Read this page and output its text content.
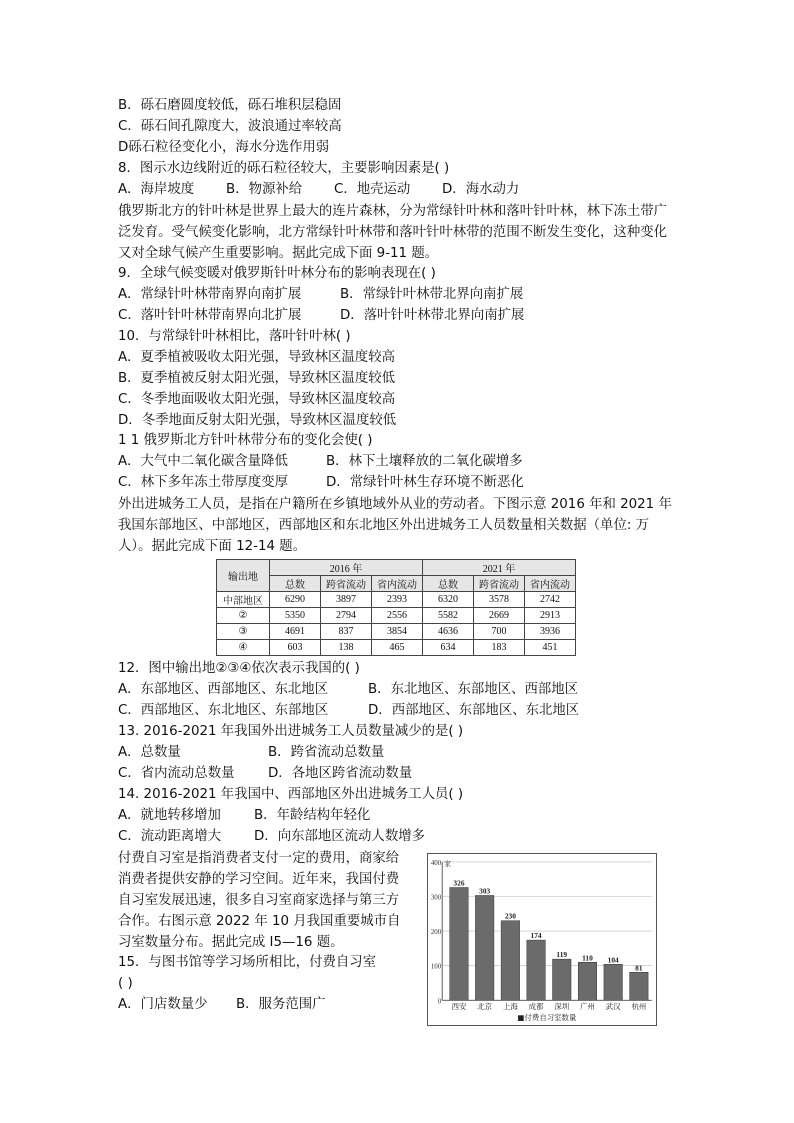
B．砾石磨圆度较低，砾石堆积层稳固
C．砾石间孔隙度大，波浪通过率较高
D砾石粒径变化小，海水分选作用弱
8．图示水边线附近的砾石粒径较大，主要影响因素是( )
A．海岸坡度 B．物源补给 C．地壳运动 D．海水动力
俄罗斯北方的针叶林是世界上最大的连片森林，分为常绿针叶林和落叶针叶林，林下冻土带广泛发育。受气候变化影响，北方常绿针叶林带和落叶针叶林带的范围不断发生变化，这种变化又对全球气候产生重要影响。据此完成下面 9-11 题。
9．全球气候变暖对俄罗斯针叶林分布的影响表现在( )
A．常绿针叶林带南界向南扩展	B．常绿针叶林带北界向南扩展
C．落叶针叶林带南界向北扩展	D．落叶针叶林带北界向南扩展
10．与常绿针叶林相比，落叶针叶林( )
A．夏季植被吸收太阳光强，导致林区温度较高
B．夏季植被反射太阳光强，导致林区温度较低
C．冬季地面吸收太阳光强，导致林区温度较高
D．冬季地面反射太阳光强，导致林区温度较低
1 1 俄罗斯北方针叶林带分布的变化会使( )
A．大气中二氧化碳含量降低	B．林下土壤释放的二氧化碳增多
C．林下多年冻土带厚度变厚	D．常绿针叶林生存环境不断恶化
外出进城务工人员，是指在户籍所在乡镇地域外从业的劳动者。下图示意 2016 年和 2021 年我国东部地区、中部地区，西部地区和东北地区外出进城务工人员数量相关数据（单位: 万人）。据此完成下面 12-14 题。
输出地	2016 年			2021 年		
	总数	跨省流动	省内流动	总数	跨省流动	省内流动
中部地区	6290	3897	2393	6320	3578	2742
②	5350	2794	2556	5582	2669	2913
③	4691	837	3854	4636	700	3936
④	603	138	465	634	183	451
12．图中输出地②③④依次表示我国的( )
A．东部地区、西部地区、东北地区	B．东北地区、东部地区、西部地区
C．西部地区、东北地区、东部地区	D．西部地区、东部地区、东北地区
13. 2016-2021 年我国外出进城务工人员数量减少的是( )
A．总数量	B．跨省流动总数量
C．省内流动总数量	D．各地区跨省流动数量
14. 2016-2021 年我国中、西部地区外出进城务工人员( )
A．就地转移增加 B．年龄结构年轻化
C．流动距离增大 D．向东部地区流动人数增多
付费自习室是指消费者支付一定的费用，商家给消费者提供安静的学习空间。近年来，我国付费自习室发展迅速，很多自习室商家选择与第三方合作。右图示意 2022 年 10 月我国重要城市自习室数量分布。据此完成 I5—16 题。
15．与图书馆等学习场所相比，付费自习室
( )
A．门店数量少 B．服务范围广	0
100
200
300
400 家
326
西安
303
北京
230
上海
174
成都
119
深圳
110
广州
104
武汉
81
杭州
■付费自习室数量
